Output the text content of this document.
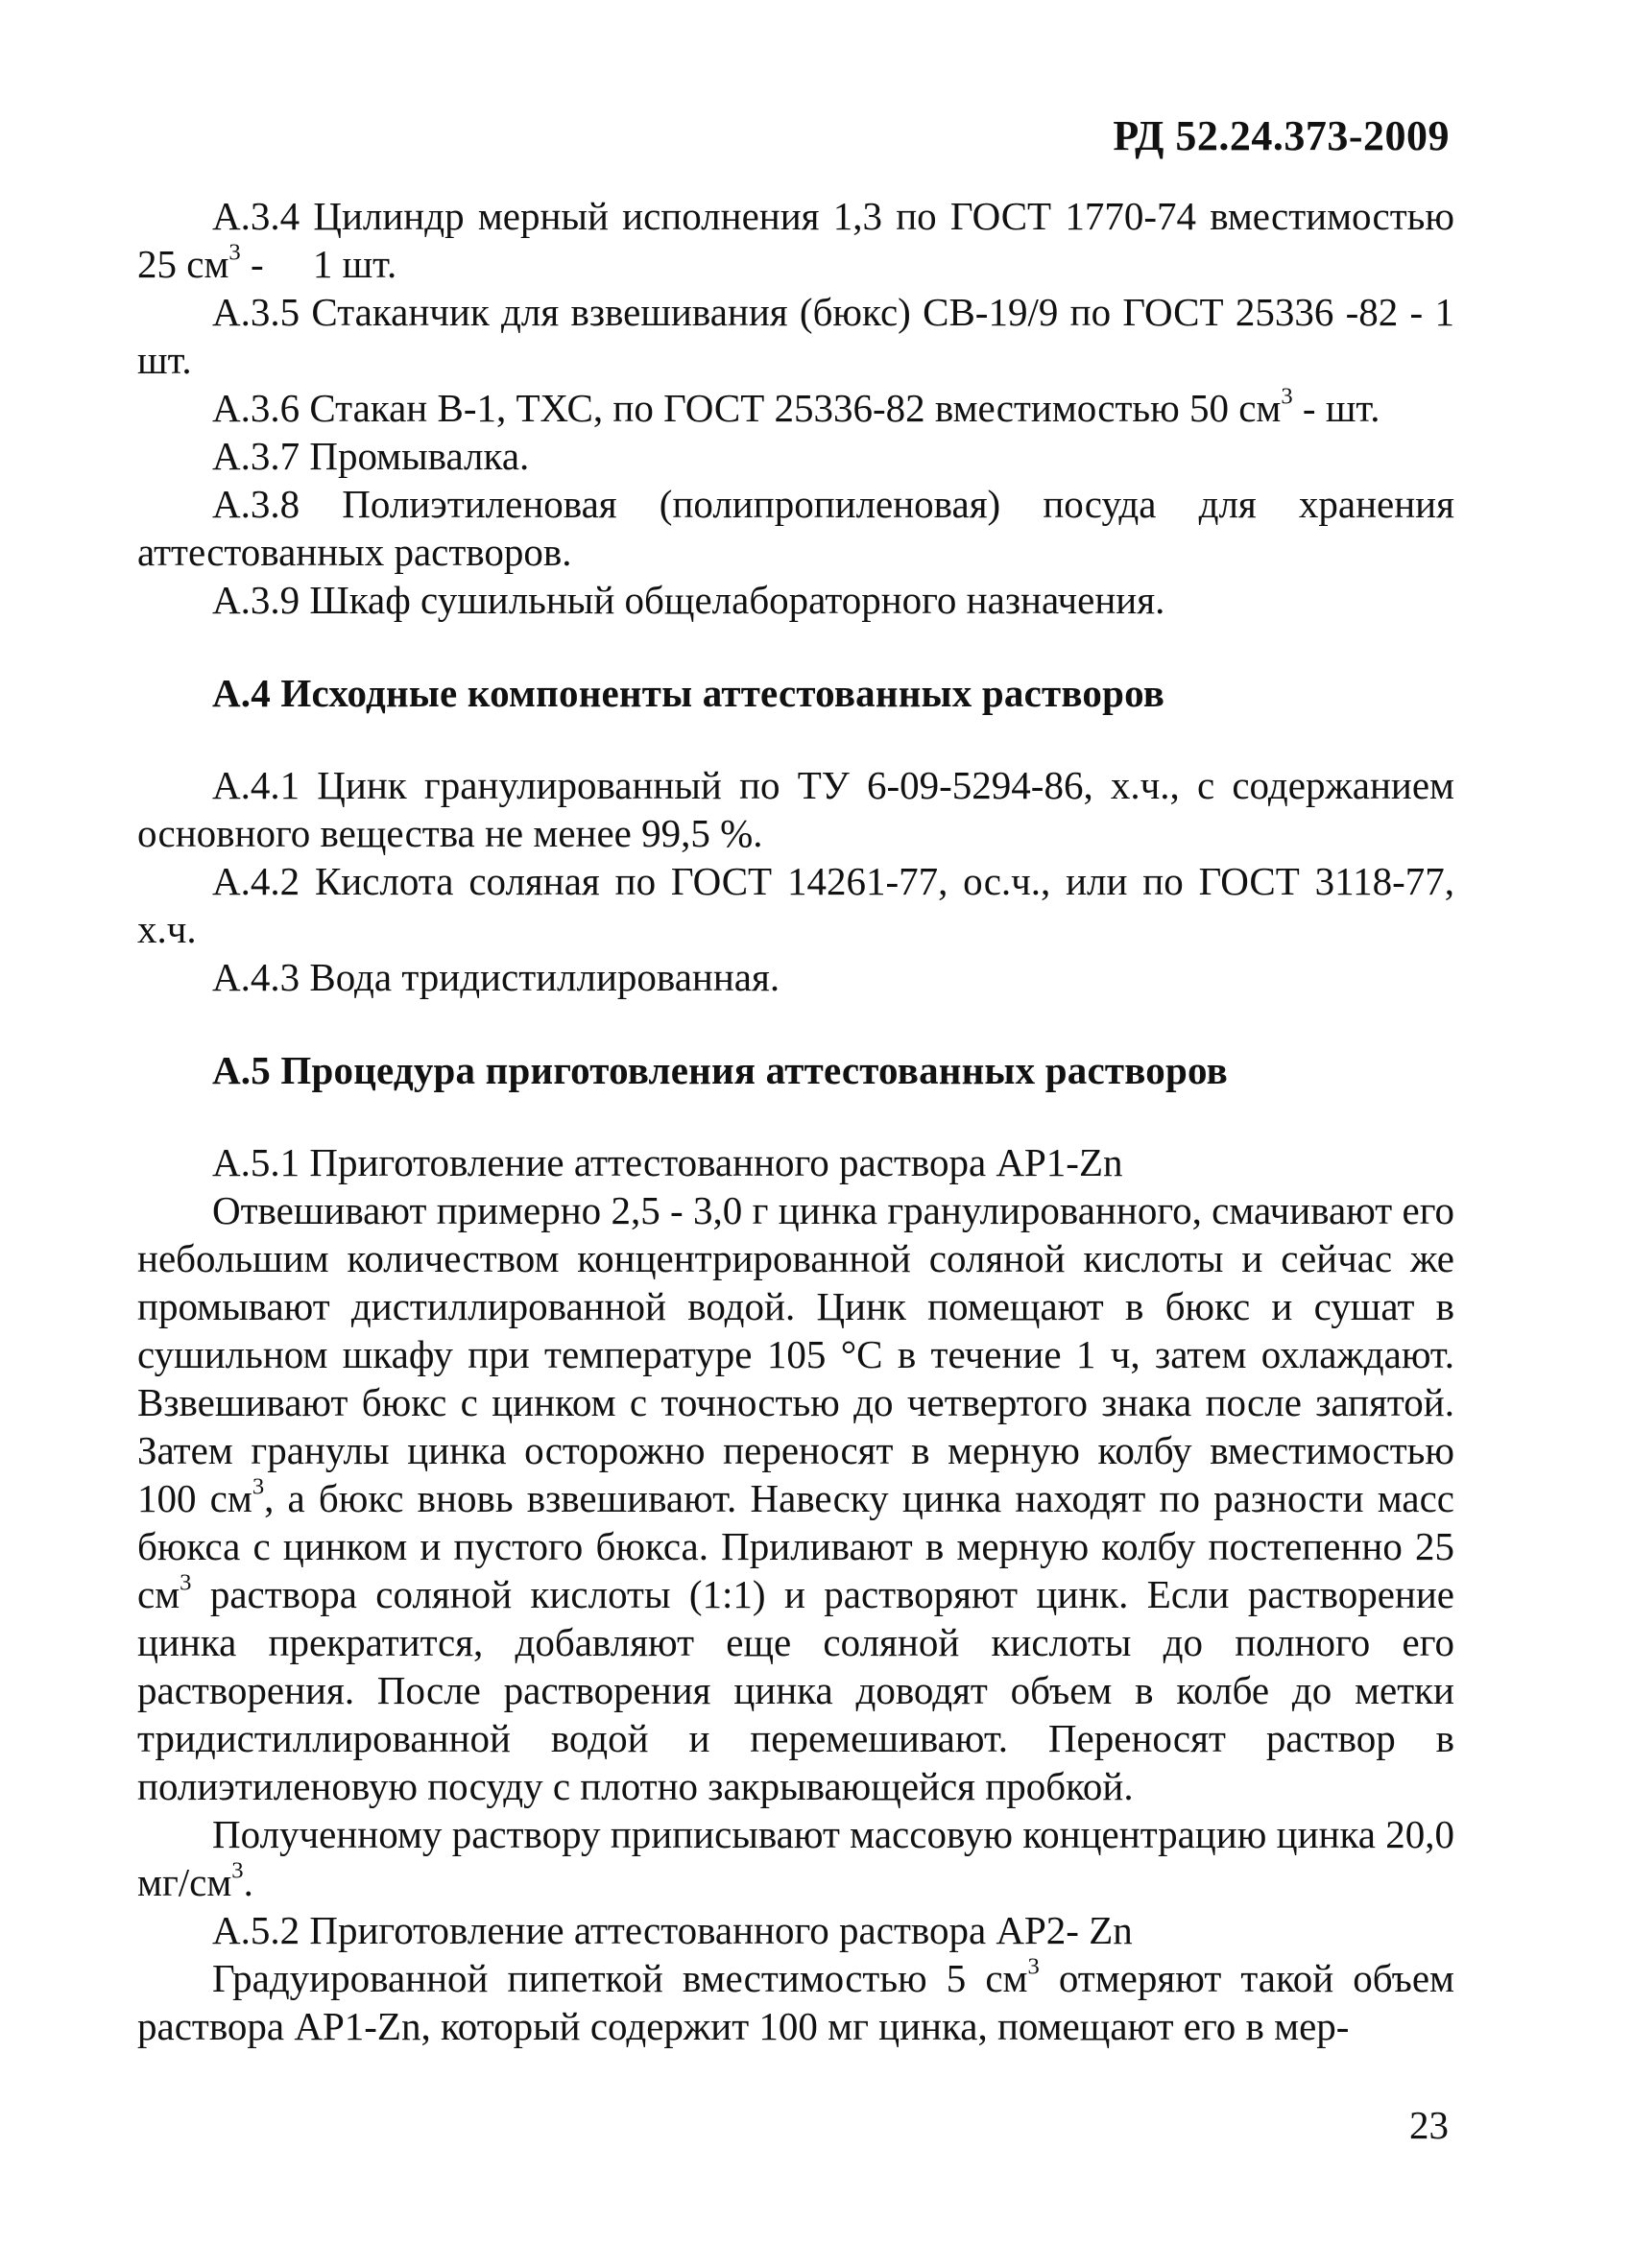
РД 52.24.373-2009

А.3.4 Цилиндр мерный исполнения 1,3 по ГОСТ 1770-74 вместимостью 25 $см^3$ -     1 шт.

А.3.5 Стаканчик для взвешивания (бюкс) СВ-19/9 по ГОСТ 25336 -82 - 1 шт.

А.3.6 Стакан В-1, ТХС, по ГОСТ 25336-82 вместимостью 50 $см^3$ - шт.

А.3.7 Промывалка.

А.3.8 Полиэтиленовая (полипропиленовая) посуда для хранения аттестованных растворов.

А.3.9 Шкаф сушильный общелабораторного назначения.

А.4 Исходные компоненты аттестованных растворов

А.4.1 Цинк гранулированный по ТУ 6-09-5294-86, х.ч., с содержанием основного вещества не менее 99,5 %.

А.4.2 Кислота соляная по ГОСТ 14261-77, ос.ч., или по ГОСТ 3118-77, х.ч.

А.4.3 Вода тридистиллированная.

А.5 Процедура приготовления аттестованных растворов

А.5.1 Приготовление аттестованного раствора АР1-Zn

Отвешивают примерно 2,5 - 3,0 г цинка гранулированного, смачивают его небольшим количеством концентрированной соляной кислоты и сейчас же промывают дистиллированной водой. Цинк помещают в бюкс и сушат в сушильном шкафу при температуре 105 °С в течение 1 ч, затем охлаждают. Взвешивают бюкс с цинком с точностью до четвертого знака после запятой. Затем гранулы цинка осторожно переносят в мерную колбу вместимостью 100 $см^3$, а бюкс вновь взвешивают. Навеску цинка находят по разности масс бюкса с цинком и пустого бюкса. Приливают в мерную колбу постепенно 25 $см^3$ раствора соляной кислоты (1:1) и растворяют цинк. Если растворение цинка прекратится, добавляют еще соляной кислоты до полного его растворения. После растворения цинка доводят объем в колбе до метки тридистиллированной водой и перемешивают. Переносят раствор в полиэтиленовую посуду с плотно закрывающейся пробкой.

Полученному раствору приписывают массовую концентрацию цинка 20,0 $мг/см^3$.

А.5.2 Приготовление аттестованного раствора АР2- Zn

Градуированной пипеткой вместимостью 5 $см^3$ отмеряют такой объем раствора АР1-Zn, который содержит 100 мг цинка, помещают его в мер-

23
